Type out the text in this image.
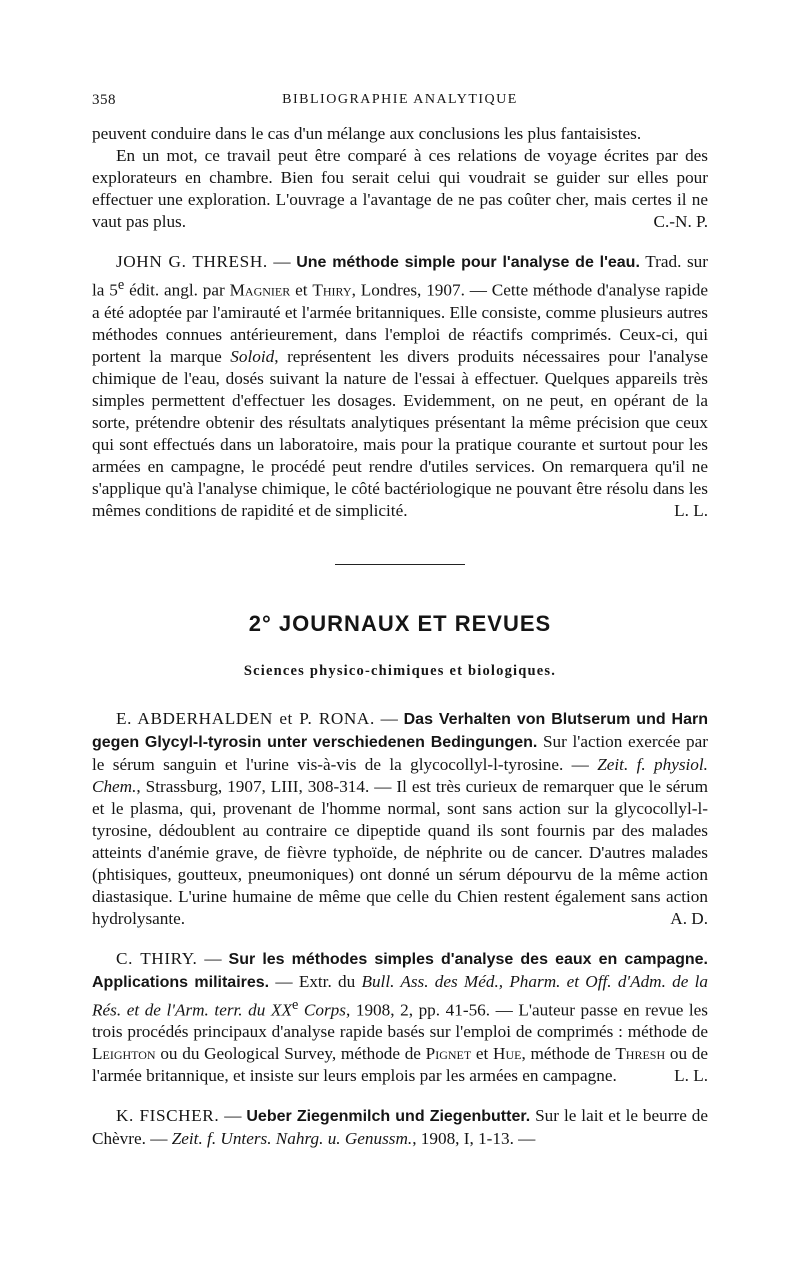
358	BIBLIOGRAPHIE ANALYTIQUE

peuvent conduire dans le cas d'un mélange aux conclusions les plus fantaisistes.

En un mot, ce travail peut être comparé à ces relations de voyage écrites par des explorateurs en chambre. Bien fou serait celui qui voudrait se guider sur elles pour effectuer une exploration. L'ouvrage a l'avantage de ne pas coûter cher, mais certes il ne vaut pas plus.	C.-N. P.

JOHN G. THRESH. — Une méthode simple pour l'analyse de l'eau. Trad. sur la 5e édit. angl. par Magnier et Thiry, Londres, 1907. — Cette méthode d'analyse rapide a été adoptée par l'amirauté et l'armée britanniques. Elle consiste, comme plusieurs autres méthodes connues antérieurement, dans l'emploi de réactifs comprimés. Ceux-ci, qui portent la marque Soloid, représentent les divers produits nécessaires pour l'analyse chimique de l'eau, dosés suivant la nature de l'essai à effectuer. Quelques appareils très simples permettent d'effectuer les dosages. Evidemment, on ne peut, en opérant de la sorte, prétendre obtenir des résultats analytiques présentant la même précision que ceux qui sont effectués dans un laboratoire, mais pour la pratique courante et surtout pour les armées en campagne, le procédé peut rendre d'utiles services. On remarquera qu'il ne s'applique qu'à l'analyse chimique, le côté bactériologique ne pouvant être résolu dans les mêmes conditions de rapidité et de simplicité.	L. L.

2° JOURNAUX ET REVUES
Sciences physico-chimiques et biologiques.

E. ABDERHALDEN et P. RONA. — Das Verhalten von Blutserum und Harn gegen Glycyl-l-tyrosin unter verschiedenen Bedingungen. Sur l'action exercée par le sérum sanguin et l'urine vis-à-vis de la glycocollyl-l-tyrosine. — Zeit. f. physiol. Chem., Strassburg, 1907, LIII, 308-314. — Il est très curieux de remarquer que le sérum et le plasma, qui, provenant de l'homme normal, sont sans action sur la glycocollyl-l-tyrosine, dédoublent au contraire ce dipeptide quand ils sont fournis par des malades atteints d'anémie grave, de fièvre typhoïde, de néphrite ou de cancer. D'autres malades (phtisiques, goutteux, pneumoniques) ont donné un sérum dépourvu de la même action diastasique. L'urine humaine de même que celle du Chien restent également sans action hydrolysante.	A. D.

C. THIRY. — Sur les méthodes simples d'analyse des eaux en campagne. Applications militaires. — Extr. du Bull. Ass. des Méd., Pharm. et Off. d'Adm. de la Rés. et de l'Arm. terr. du XXe Corps, 1908, 2, pp. 41-56. — L'auteur passe en revue les trois procédés principaux d'analyse rapide basés sur l'emploi de comprimés : méthode de Leighton ou du Geological Survey, méthode de Pignet et Hue, méthode de Thresh ou de l'armée britannique, et insiste sur leurs emplois par les armées en campagne.	L. L.

K. FISCHER. — Ueber Ziegenmilch und Ziegenbutter. Sur le lait et le beurre de Chèvre. — Zeit. f. Unters. Nahrg. u. Genussm., 1908, I, 1-13. —
